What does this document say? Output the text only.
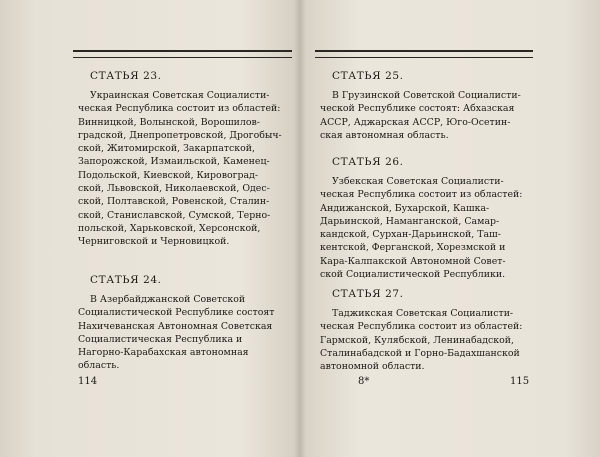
СТАТЬЯ 23.

Украинская Советская Социалисти-
ческая Республика состоит из областей:
Винницкой, Волынской, Ворошилов-
градской, Днепропетровской, Дрогобыч-
ской, Житомирской, Закарпатской,
Запорожской, Измаильской, Каменец-
Подольской, Киевской, Кировоград-
ской, Львовской, Николаевской, Одес-
ской, Полтавской, Ровенской, Сталин-
ской, Станиславской, Сумской, Терно-
польской, Харьковской, Херсонской,
Черниговской и Черновицкой.

СТАТЬЯ 24.

В Азербайджанской Советской
Социалистической Республике состоят
Нахичеванская Автономная Советская
Социалистическая Республика и
Нагорно-Карабахская автономная
область.

114

СТАТЬЯ 25.

В Грузинской Советской Социалисти-
ческой Республике состоят: Абхазская
АССР, Аджарская АССР, Юго-Осетин-
ская автономная область.

СТАТЬЯ 26.

Узбекская Советская Социалисти-
ческая Республика состоит из областей:
Андижанской, Бухарской, Кашка-
Дарьинской, Наманганской, Самар-
кандской, Сурхан-Дарьинской, Таш-
кентской, Ферганской, Хорезмской и
Кара-Калпакской Автономной Совет-
ской Социалистической Республики.

СТАТЬЯ 27.

Таджикская Советская Социалисти-
ческая Республика состоит из областей:
Гармской, Кулябской, Ленинабадской,
Сталинабадской и Горно-Бадахшанской
автономной области.

8*	115
